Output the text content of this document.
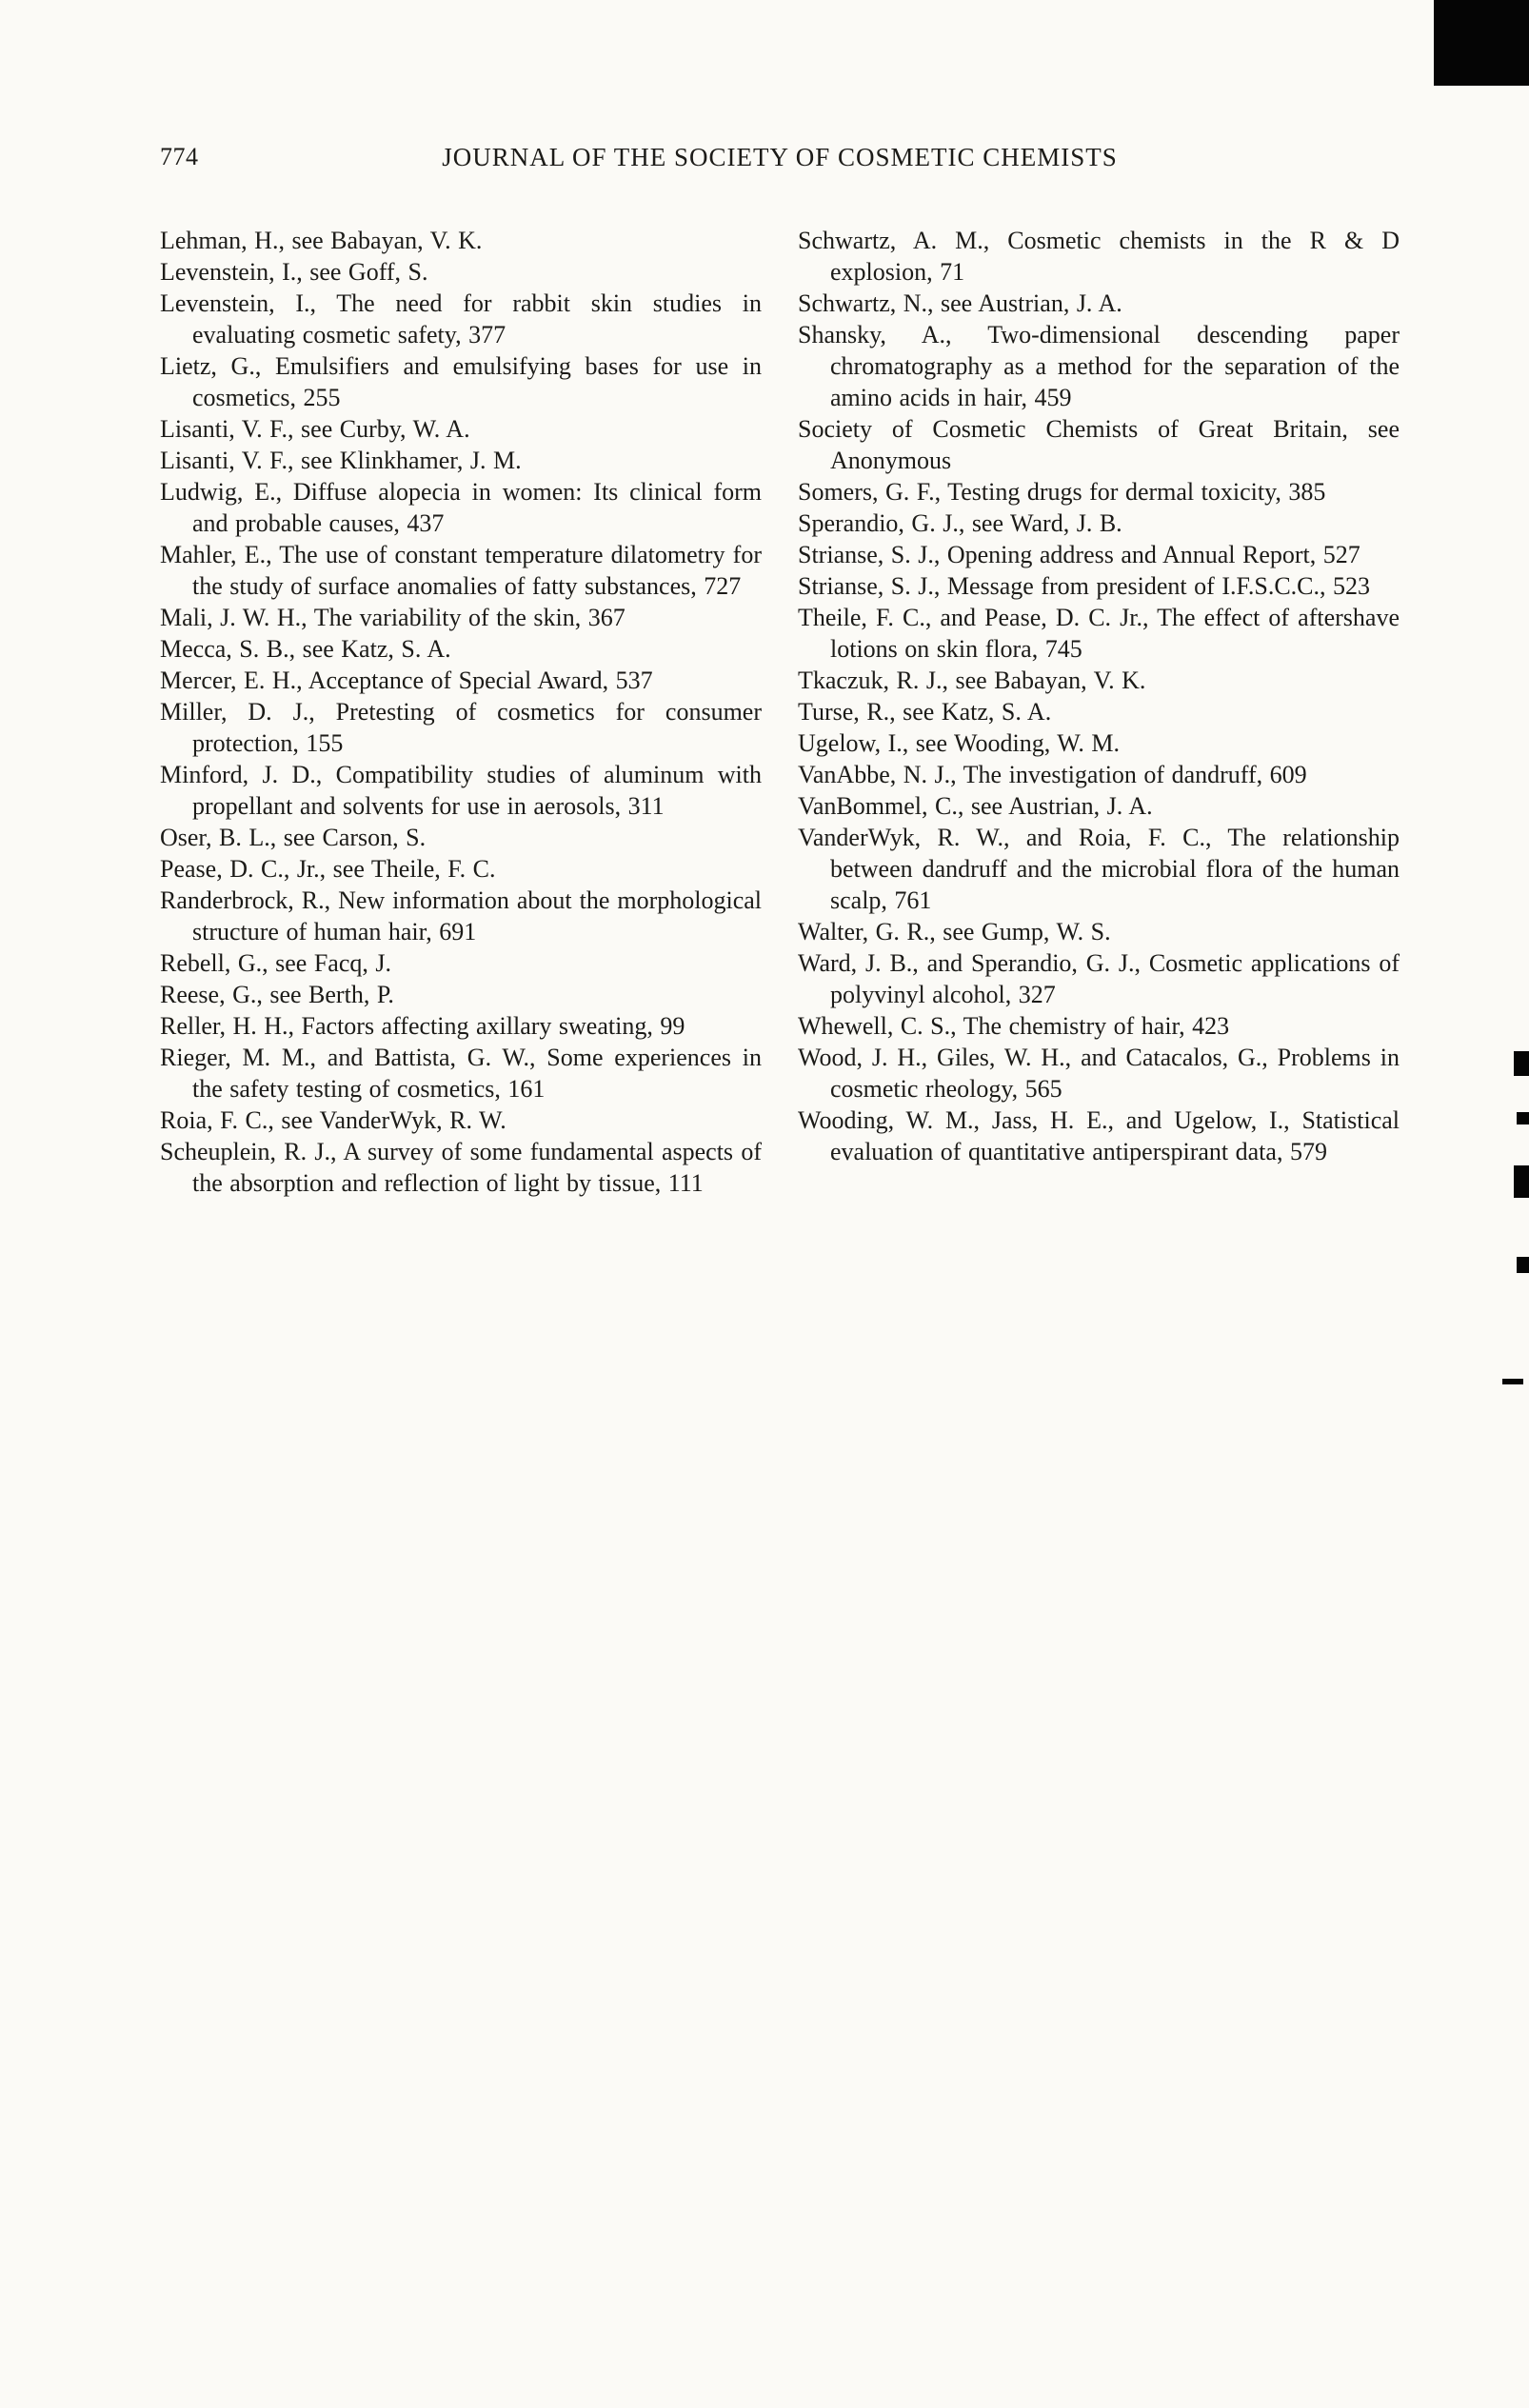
774	JOURNAL OF THE SOCIETY OF COSMETIC CHEMISTS
Lehman, H., see Babayan, V. K.
Levenstein, I., see Goff, S.
Levenstein, I., The need for rabbit skin studies in evaluating cosmetic safety, 377
Lietz, G., Emulsifiers and emulsifying bases for use in cosmetics, 255
Lisanti, V. F., see Curby, W. A.
Lisanti, V. F., see Klinkhamer, J. M.
Ludwig, E., Diffuse alopecia in women: Its clinical form and probable causes, 437
Mahler, E., The use of constant temperature dilatometry for the study of surface anomalies of fatty substances, 727
Mali, J. W. H., The variability of the skin, 367
Mecca, S. B., see Katz, S. A.
Mercer, E. H., Acceptance of Special Award, 537
Miller, D. J., Pretesting of cosmetics for consumer protection, 155
Minford, J. D., Compatibility studies of aluminum with propellant and solvents for use in aerosols, 311
Oser, B. L., see Carson, S.
Pease, D. C., Jr., see Theile, F. C.
Randerbrock, R., New information about the morphological structure of human hair, 691
Rebell, G., see Facq, J.
Reese, G., see Berth, P.
Reller, H. H., Factors affecting axillary sweating, 99
Rieger, M. M., and Battista, G. W., Some experiences in the safety testing of cosmetics, 161
Roia, F. C., see VanderWyk, R. W.
Scheuplein, R. J., A survey of some fundamental aspects of the absorption and reflection of light by tissue, 111
Schwartz, A. M., Cosmetic chemists in the R & D explosion, 71
Schwartz, N., see Austrian, J. A.
Shansky, A., Two-dimensional descending paper chromatography as a method for the separation of the amino acids in hair, 459
Society of Cosmetic Chemists of Great Britain, see Anonymous
Somers, G. F., Testing drugs for dermal toxicity, 385
Sperandio, G. J., see Ward, J. B.
Strianse, S. J., Opening address and Annual Report, 527
Strianse, S. J., Message from president of I.F.S.C.C., 523
Theile, F. C., and Pease, D. C. Jr., The effect of aftershave lotions on skin flora, 745
Tkaczuk, R. J., see Babayan, V. K.
Turse, R., see Katz, S. A.
Ugelow, I., see Wooding, W. M.
VanAbbe, N. J., The investigation of dandruff, 609
VanBommel, C., see Austrian, J. A.
VanderWyk, R. W., and Roia, F. C., The relationship between dandruff and the microbial flora of the human scalp, 761
Walter, G. R., see Gump, W. S.
Ward, J. B., and Sperandio, G. J., Cosmetic applications of polyvinyl alcohol, 327
Whewell, C. S., The chemistry of hair, 423
Wood, J. H., Giles, W. H., and Catacalos, G., Problems in cosmetic rheology, 565
Wooding, W. M., Jass, H. E., and Ugelow, I., Statistical evaluation of quantitative antiperspirant data, 579
